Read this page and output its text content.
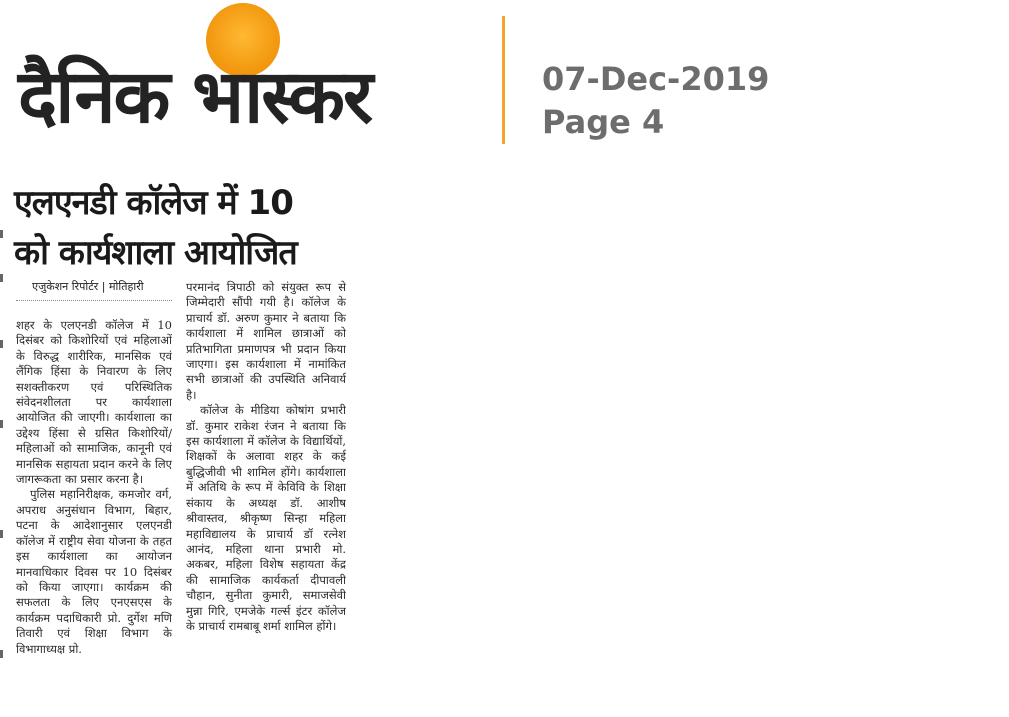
दैनिक भास्कर	07-Dec-2019
Page 4
एलएनडी कॉलेज में 10
को कार्यशाला आयोजित
एजुकेशन रिपोर्टर | मोतिहारी

शहर के एलएनडी कॉलेज में 10 दिसंबर को किशोरियों एवं महिलाओं के विरुद्ध शारीरिक, मानसिक एवं लैंगिक हिंसा के निवारण के लिए सशक्तीकरण एवं परिस्थितिक संवेदनशीलता पर कार्यशाला आयोजित की जाएगी। कार्यशाला का उद्देश्य हिंसा से ग्रसित किशोरियों/महिलाओं को सामाजिक, कानूनी एवं मानसिक सहायता प्रदान करने के लिए जागरूकता का प्रसार करना है।

पुलिस महानिरीक्षक, कमजोर वर्ग, अपराध अनुसंधान विभाग, बिहार, पटना के आदेशानुसार एलएनडी कॉलेज में राष्ट्रीय सेवा योजना के तहत इस कार्यशाला का आयोजन मानवाधिकार दिवस पर 10 दिसंबर को किया जाएगा। कार्यक्रम की सफलता के लिए एनएसएस के कार्यक्रम पदाधिकारी प्रो. दुर्गेश मणि तिवारी एवं शिक्षा विभाग के विभागाध्यक्ष प्रो.

परमानंद त्रिपाठी को संयुक्त रूप से जिम्मेदारी सौंपी गयी है। कॉलेज के प्राचार्य डॉ. अरुण कुमार ने बताया कि कार्यशाला में शामिल छात्राओं को प्रतिभागिता प्रमाणपत्र भी प्रदान किया जाएगा। इस कार्यशाला में नामांकित सभी छात्राओं की उपस्थिति अनिवार्य है।

कॉलेज के मीडिया कोषांग प्रभारी डॉ. कुमार राकेश रंजन ने बताया कि इस कार्यशाला में कॉलेज के विद्यार्थियों, शिक्षकों के अलावा शहर के कई बुद्धिजीवी भी शामिल होंगे। कार्यशाला में अतिथि के रूप में केविवि के शिक्षा संकाय के अध्यक्ष डॉ. आशीष श्रीवास्तव, श्रीकृष्ण सिन्हा महिला महाविद्यालय के प्राचार्य डॉ रत्नेश आनंद, महिला थाना प्रभारी मो. अकबर, महिला विशेष सहायता केंद्र की सामाजिक कार्यकर्ता दीपावली चौहान, सुनीता कुमारी, समाजसेवी मुन्ना गिरि, एमजेके गर्ल्स इंटर कॉलेज के प्राचार्य रामबाबू शर्मा शामिल होंगे।
